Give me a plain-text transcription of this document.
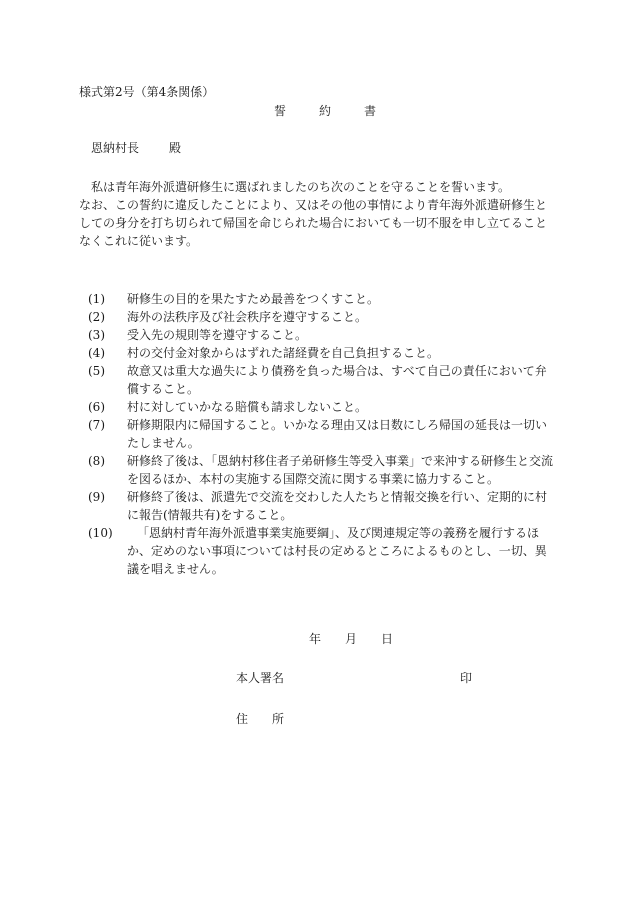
様式第2号（第4条関係）
誓	約	書
恩納村長	殿

私は青年海外派遣研修生に選ばれましたのち次のことを守ることを誓います。

なお、この誓約に違反したことにより、又はその他の事情により青年海外派遣研修生としての身分を打ち切られて帰国を命じられた場合においても一切不服を申し立てることなくこれに従います。

(1) 研修生の目的を果たすため最善をつくすこと。
(2) 海外の法秩序及び社会秩序を遵守すること。
(3) 受入先の規則等を遵守すること。
(4) 村の交付金対象からはずれた諸経費を自己負担すること。
(5) 故意又は重大な過失により債務を負った場合は、すべて自己の責任において弁償すること。
(6) 村に対していかなる賠償も請求しないこと。
(7) 研修期限内に帰国すること。いかなる理由又は日数にしろ帰国の延長は一切いたしません。
(8) 研修終了後は、「恩納村移住者子弟研修生等受入事業」で来沖する研修生と交流を図るほか、本村の実施する国際交流に関する事業に協力すること。
(9) 研修終了後は、派遣先で交流を交わした人たちと情報交換を行い、定期的に村に報告(情報共有)をすること。
(10)	「恩納村青年海外派遣事業実施要綱」、及び関連規定等の義務を履行するほか、定めのない事項については村長の定めるところによるものとし、一切、異議を唱えません。
年 月 日
本人署名	印
住　　所
